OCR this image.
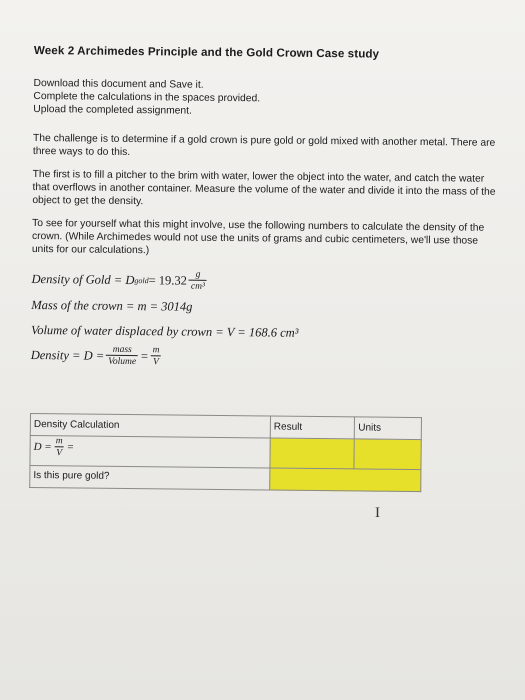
Week 2 Archimedes Principle and the Gold Crown Case study
Download this document and Save it.
Complete the calculations in the spaces provided.
Upload the completed assignment.

The challenge is to determine if a gold crown is pure gold or gold mixed with another metal. There are three ways to do this.

The first is to fill a pitcher to the brim with water, lower the object into the water, and catch the water that overflows in another container. Measure the volume of the water and divide it into the mass of the object to get the density.

To see for yourself what this might involve, use the following numbers to calculate the density of the crown. (While Archimedes would not use the units of grams and cubic centimeters, we'll use those units for our calculations.)

Density of Gold = D gold = $19.32 \frac{g}{\text{cm³}}$
Mass of the crown = m = 3014g
Volume of water displaced by crown = V = 168.6 cm³
Density = $D = \frac{\text{mass}}{\text{Volume}} = \frac{m}{V}$
Density Calculation	Result	Units

$D = \frac{m}{V}$ =		

Is this pure gold?		
I
